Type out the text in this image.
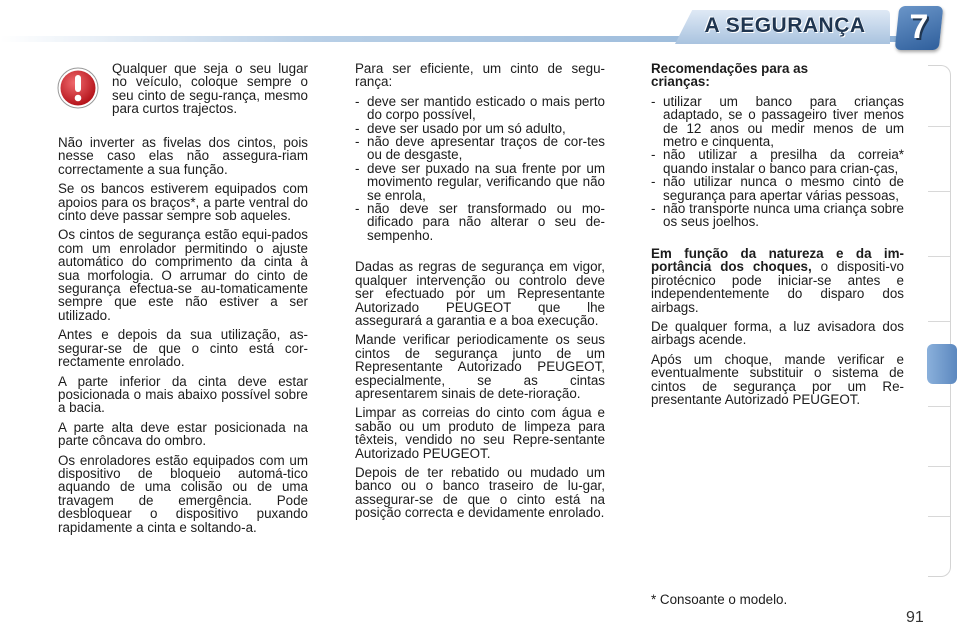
A SEGURANÇA	7
Qualquer que seja o seu lugar no veículo, coloque sempre o seu cinto de segu-rança, mesmo para curtos trajectos.

Não inverter as fivelas dos cintos, pois nesse caso elas não assegura-riam correctamente a sua função.

Se os bancos estiverem equipados com apoios para os braços*, a parte ventral do cinto deve passar sempre sob aqueles.

Os cintos de segurança estão equi-pados com um enrolador permitindo o ajuste automático do comprimento da cinta à sua morfologia. O arrumar do cinto de segurança efectua-se au-tomaticamente sempre que este não estiver a ser utilizado.

Antes e depois da sua utilização, as-segurar-se de que o cinto está cor-rectamente enrolado.

A parte inferior da cinta deve estar posicionada o mais abaixo possível sobre a bacia.

A parte alta deve estar posicionada na parte côncava do ombro.

Os enroladores estão equipados com um dispositivo de bloqueio automá-tico aquando de uma colisão ou de uma travagem de emergência. Pode desbloquear o dispositivo puxando rapidamente a cinta e soltando-a.

Para ser eficiente, um cinto de segu-rança:

- deve ser mantido esticado o mais perto do corpo possível,
- deve ser usado por um só adulto,
- não deve apresentar traços de cor-tes ou de desgaste,
- deve ser puxado na sua frente por um movimento regular, verificando que não se enrola,
- não deve ser transformado ou mo-dificado para não alterar o seu de-sempenho.

Dadas as regras de segurança em vigor, qualquer intervenção ou controlo deve ser efectuado por um Representante Autorizado PEUGEOT que lhe assegurará a garantia e a boa execução.

Mande verificar periodicamente os seus cintos de segurança junto de um Representante Autorizado PEUGEOT, especialmente, se as cintas apresentarem sinais de dete-rioração.

Limpar as correias do cinto com água e sabão ou um produto de limpeza para têxteis, vendido no seu Repre-sentante Autorizado PEUGEOT.

Depois de ter rebatido ou mudado um banco ou o banco traseiro de lu-gar, assegurar-se de que o cinto está na posição correcta e devidamente enrolado.

Recomendações para as crianças:

- utilizar um banco para crianças adaptado, se o passageiro tiver menos de 12 anos ou medir menos de um metro e cinquenta,
- não utilizar a presilha da correia* quando instalar o banco para crian-ças,
- não utilizar nunca o mesmo cinto de segurança para apertar várias pessoas,
- não transporte nunca uma criança sobre os seus joelhos.

Em função da natureza e da im-portância dos choques, o dispositi-vo pirotécnico pode iniciar-se antes e independentemente do disparo dos airbags.

De qualquer forma, a luz avisadora dos airbags acende.

Após um choque, mande verificar e eventualmente substituir o sistema de cintos de segurança por um Re-presentante Autorizado PEUGEOT.

* Consoante o modelo.
91
